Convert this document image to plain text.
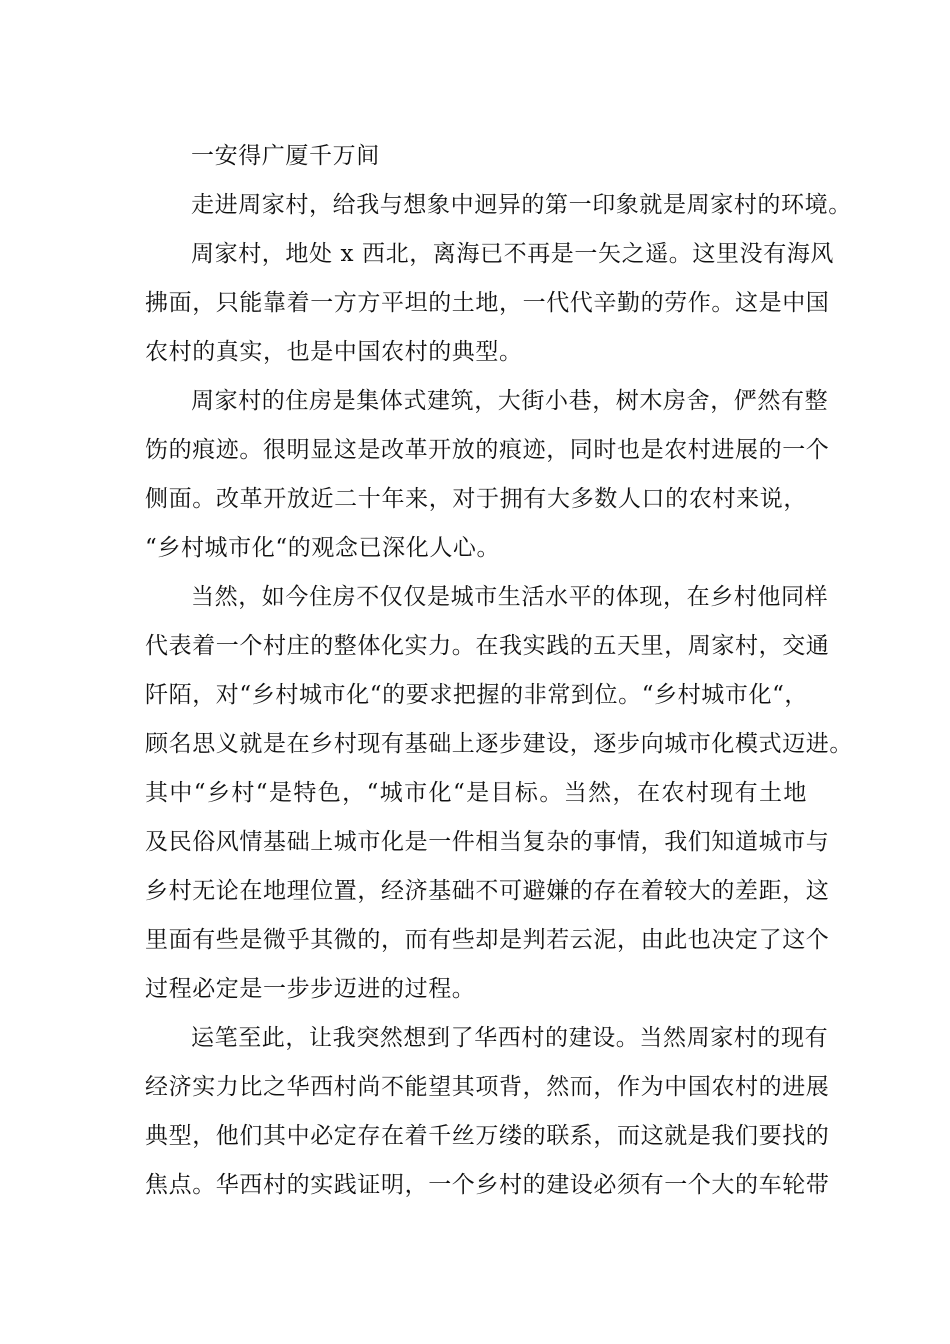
一安得广厦千万间
走进周家村，给我与想象中迥异的第一印象就是周家村的环境。
周家村，地处 x 西北，离海已不再是一矢之遥。这里没有海风
拂面，只能靠着一方方平坦的土地，一代代辛勤的劳作。这是中国
农村的真实，也是中国农村的典型。
周家村的住房是集体式建筑，大街小巷，树木房舍，俨然有整
饬的痕迹。很明显这是改革开放的痕迹，同时也是农村进展的一个
侧面。改革开放近二十年来，对于拥有大多数人口的农村来说，
“乡村城市化“的观念已深化人心。
当然，如今住房不仅仅是城市生活水平的体现，在乡村他同样
代表着一个村庄的整体化实力。在我实践的五天里，周家村，交通
阡陌，对“乡村城市化“的要求把握的非常到位。“乡村城市化“，
顾名思义就是在乡村现有基础上逐步建设，逐步向城市化模式迈进。
其中“乡村“是特色，“城市化“是目标。当然，在农村现有土地
及民俗风情基础上城市化是一件相当复杂的事情，我们知道城市与
乡村无论在地理位置，经济基础不可避嫌的存在着较大的差距，这
里面有些是微乎其微的，而有些却是判若云泥，由此也决定了这个
过程必定是一步步迈进的过程。
运笔至此，让我突然想到了华西村的建设。当然周家村的现有
经济实力比之华西村尚不能望其项背，然而，作为中国农村的进展
典型，他们其中必定存在着千丝万缕的联系，而这就是我们要找的
焦点。华西村的实践证明，一个乡村的建设必须有一个大的车轮带
